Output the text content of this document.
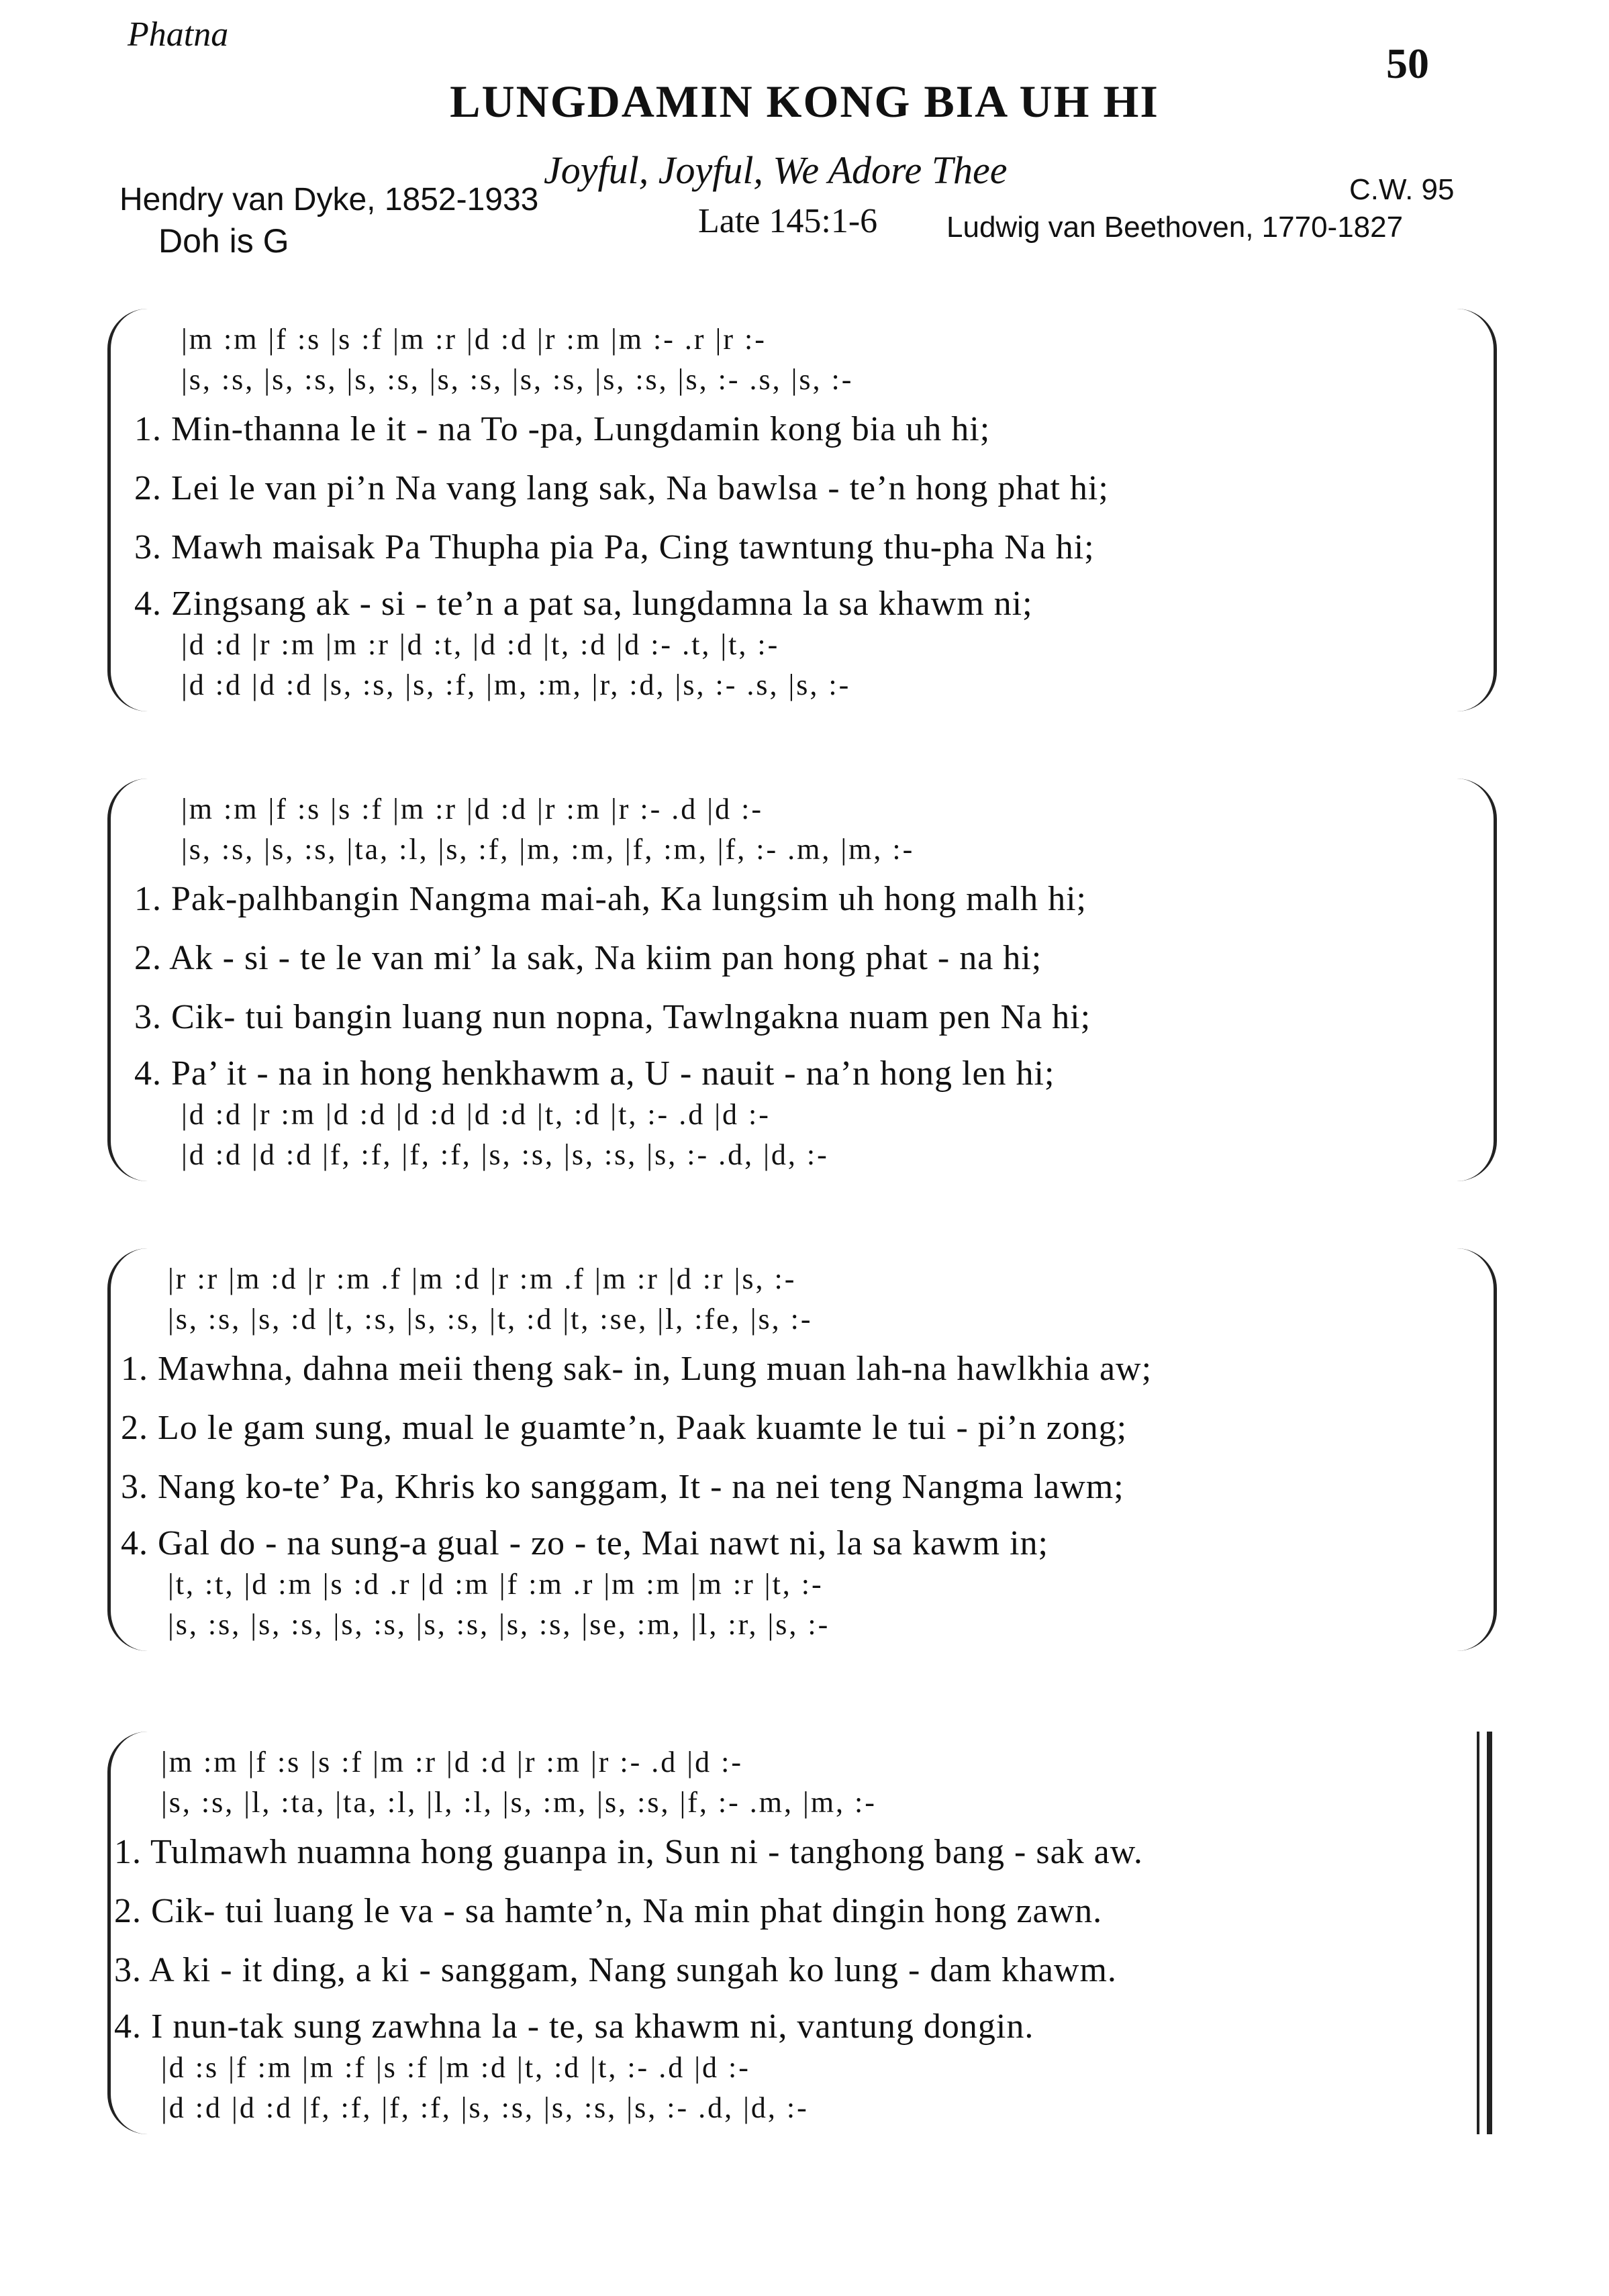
Phatna
50
LUNGDAMIN KONG BIA UH HI
Joyful, Joyful, We Adore Thee	C.W. 95
Hendry van Dyke, 1852-1933
Late 145:1-6 Ludwig van Beethoven, 1770-1827
Doh is G
|m :m |f :s |s :f |m :r |d :d |r :m |m :- .r |r :-
|s, :s, |s, :s, |s, :s, |s, :s, |s, :s, |s, :s, |s, :- .s, |s, :-
1. Min-thanna le it - na To -pa, Lungdamin kong bia uh hi;
2. Lei le van pi’n Na vang lang sak, Na bawlsa - te’n hong phat hi;
3. Mawh maisak Pa Thupha pia Pa, Cing tawntung thu-pha Na hi;
4. Zingsang ak - si - te’n a pat sa, lungdamna la sa khawm ni;
|d :d |r :m |m :r |d :t, |d :d |t, :d |d :- .t, |t, :-
|d :d |d :d |s, :s, |s, :f, |m, :m, |r, :d, |s, :- .s, |s, :-
|m :m |f :s |s :f |m :r |d :d |r :m |r :- .d |d :-
|s, :s, |s, :s, |ta, :l, |s, :f, |m, :m, |f, :m, |f, :- .m, |m, :-
1. Pak-palhbangin Nangma mai-ah, Ka lungsim uh hong malh hi;
2. Ak - si - te le van mi’ la sak, Na kiim pan hong phat - na hi;
3. Cik- tui bangin luang nun nopna, Tawlngakna nuam pen Na hi;
4. Pa’ it - na in hong henkhawm a, U - nauit - na’n hong len hi;
|d :d |r :m |d :d |d :d |d :d |t, :d |t, :- .d |d :-
|d :d |d :d |f, :f, |f, :f, |s, :s, |s, :s, |s, :- .d, |d, :-
|r :r |m :d |r :m .f |m :d |r :m .f |m :r |d :r |s, :-
|s, :s, |s, :d |t, :s, |s, :s, |t, :d |t, :se, |l, :fe, |s, :-
1. Mawhna, dahna meii theng sak- in, Lung muan lah-na hawlkhia aw;
2. Lo le gam sung, mual le guamte’n, Paak kuamte le tui - pi’n zong;
3. Nang ko-te’ Pa, Khris ko sanggam, It - na nei teng Nangma lawm;
4. Gal do - na sung-a gual - zo - te, Mai nawt ni, la sa kawm in;
|t, :t, |d :m |s :d .r |d :m |f :m .r |m :m |m :r |t, :-
|s, :s, |s, :s, |s, :s, |s, :s, |s, :s, |se, :m, |l, :r, |s, :-
|m :m |f :s |s :f |m :r |d :d |r :m |r :- .d |d :-
|s, :s, |l, :ta, |ta, :l, |l, :l, |s, :m, |s, :s, |f, :- .m, |m, :-
1. Tulmawh nuamna hong guanpa in, Sun ni - tanghong bang - sak aw.
2. Cik- tui luang le va - sa hamte’n, Na min phat dingin hong zawn.
3. A ki - it ding, a ki - sanggam, Nang sungah ko lung - dam khawm.
4. I nun-tak sung zawhna la - te, sa khawm ni, vantung dongin.
|d :s |f :m |m :f |s :f |m :d |t, :d |t, :- .d |d :-
|d :d |d :d |f, :f, |f, :f, |s, :s, |s, :s, |s, :- .d, |d, :-
